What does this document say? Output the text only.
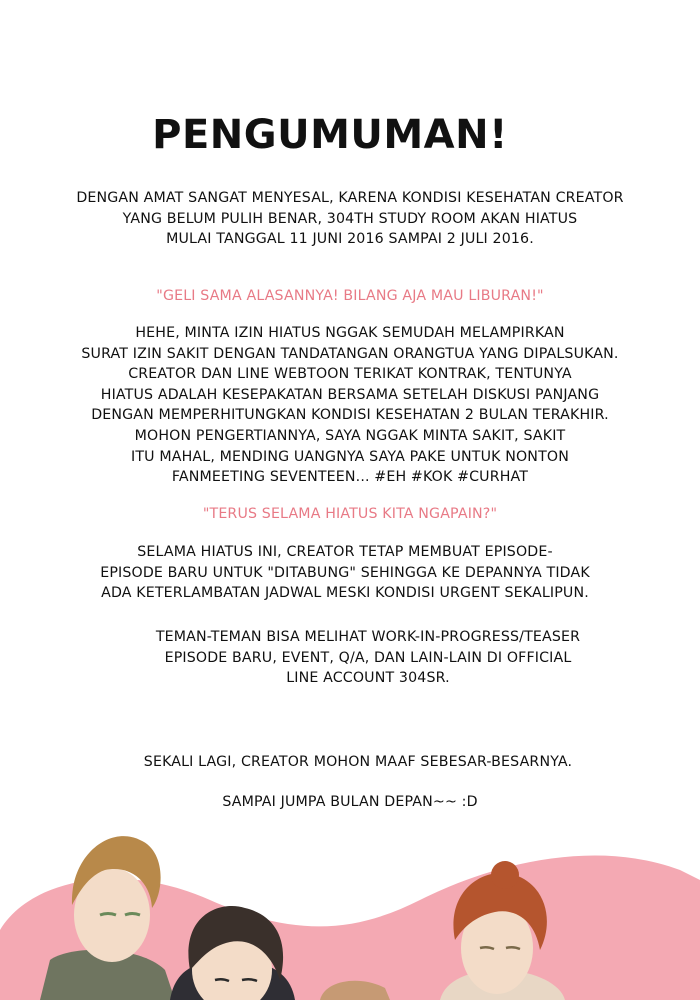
PENGUMUMAN!
DENGAN AMAT SANGAT MENYESAL, KARENA KONDISI KESEHATAN CREATOR
YANG BELUM PULIH BENAR, 304TH STUDY ROOM AKAN HIATUS
MULAI TANGGAL 11 JUNI 2016 SAMPAI 2 JULI 2016.
"GELI SAMA ALASANNYA! BILANG AJA MAU LIBURAN!"
HEHE, MINTA IZIN HIATUS NGGAK SEMUDAH MELAMPIRKAN
SURAT IZIN SAKIT DENGAN TANDATANGAN ORANGTUA YANG DIPALSUKAN.
CREATOR DAN LINE WEBTOON TERIKAT KONTRAK, TENTUNYA
HIATUS ADALAH KESEPAKATAN BERSAMA SETELAH DISKUSI PANJANG
DENGAN MEMPERHITUNGKAN KONDISI KESEHATAN 2 BULAN TERAKHIR.
MOHON PENGERTIANNYA, SAYA NGGAK MINTA SAKIT, SAKIT
ITU MAHAL, MENDING UANGNYA SAYA PAKE UNTUK NONTON
FANMEETING SEVENTEEN... #EH #KOK #CURHAT
"TERUS SELAMA HIATUS KITA NGAPAIN?"
SELAMA HIATUS INI, CREATOR TETAP MEMBUAT EPISODE-
EPISODE BARU UNTUK "DITABUNG" SEHINGGA KE DEPANNYA TIDAK
ADA KETERLAMBATAN JADWAL MESKI KONDISI URGENT SEKALIPUN.
TEMAN-TEMAN BISA MELIHAT WORK-IN-PROGRESS/TEASER
EPISODE BARU, EVENT, Q/A, DAN LAIN-LAIN DI OFFICIAL
LINE ACCOUNT 304SR.
SEKALI LAGI, CREATOR MOHON MAAF SEBESAR-BESARNYA.
SAMPAI JUMPA BULAN DEPAN~~ :D
